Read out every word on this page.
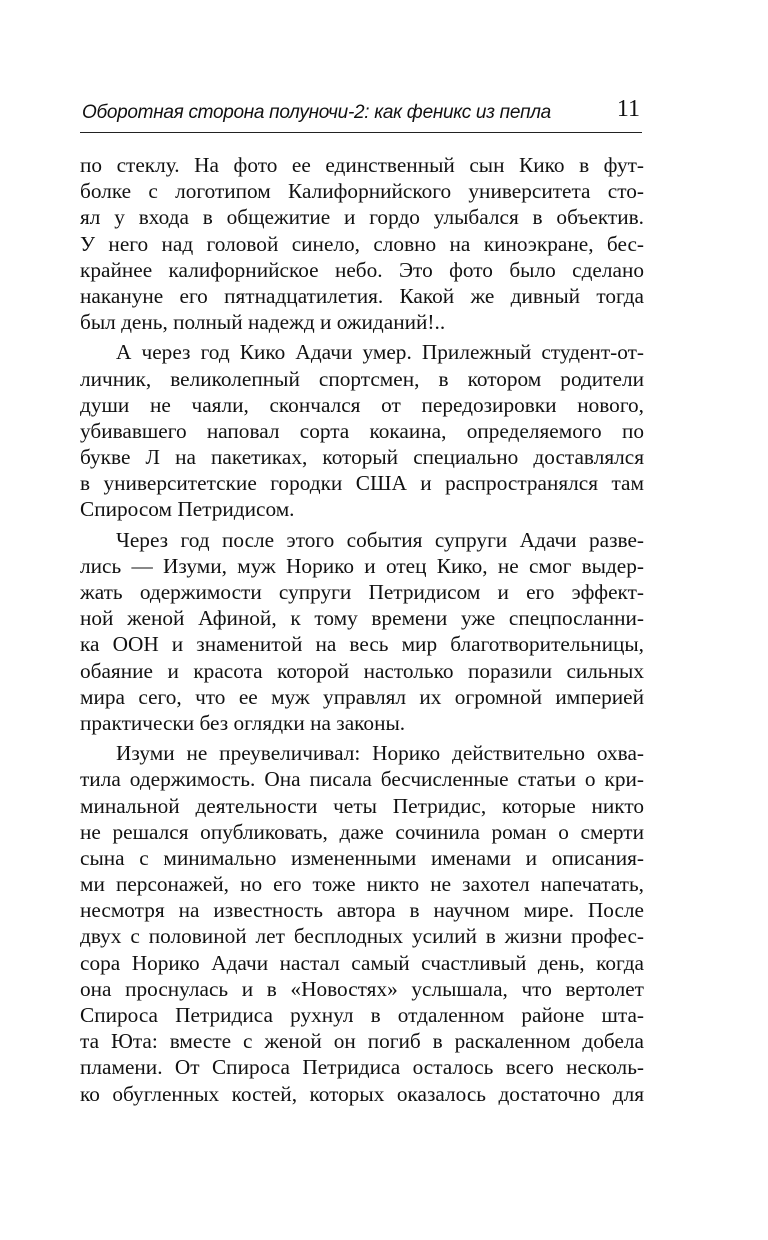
Оборотная сторона полуночи-2: как феникс из пепла	11
по стеклу. На фото ее единственный сын Кико в фут-
болке с логотипом Калифорнийского университета сто-
ял у входа в общежитие и гордо улыбался в объектив.
У него над головой синело, словно на киноэкране, бес-
крайнее калифорнийское небо. Это фото было сделано
накануне его пятнадцатилетия. Какой же дивный тогда
был день, полный надежд и ожиданий!..
А через год Кико Адачи умер. Прилежный студент-от-
личник, великолепный спортсмен, в котором родители
души не чаяли, скончался от передозировки нового,
убивавшего наповал сорта кокаина, определяемого по
букве Л на пакетиках, который специально доставлялся
в университетские городки США и распространялся там
Спиросом Петридисом.
Через год после этого события супруги Адачи разве-
лись — Изуми, муж Норико и отец Кико, не смог выдер-
жать одержимости супруги Петридисом и его эффект-
ной женой Афиной, к тому времени уже спецпосланни-
ка ООН и знаменитой на весь мир благотворительницы,
обаяние и красота которой настолько поразили сильных
мира сего, что ее муж управлял их огромной империей
практически без оглядки на законы.
Изуми не преувеличивал: Норико действительно охва-
тила одержимость. Она писала бесчисленные статьи о кри-
минальной деятельности четы Петридис, которые никто
не решался опубликовать, даже сочинила роман о смерти
сына с минимально измененными именами и описания-
ми персонажей, но его тоже никто не захотел напечатать,
несмотря на известность автора в научном мире. После
двух с половиной лет бесплодных усилий в жизни профес-
сора Норико Адачи настал самый счастливый день, когда
она проснулась и в «Новостях» услышала, что вертолет
Спироса Петридиса рухнул в отдаленном районе шта-
та Юта: вместе с женой он погиб в раскаленном добела
пламени. От Спироса Петридиса осталось всего несколь-
ко обугленных костей, которых оказалось достаточно для
